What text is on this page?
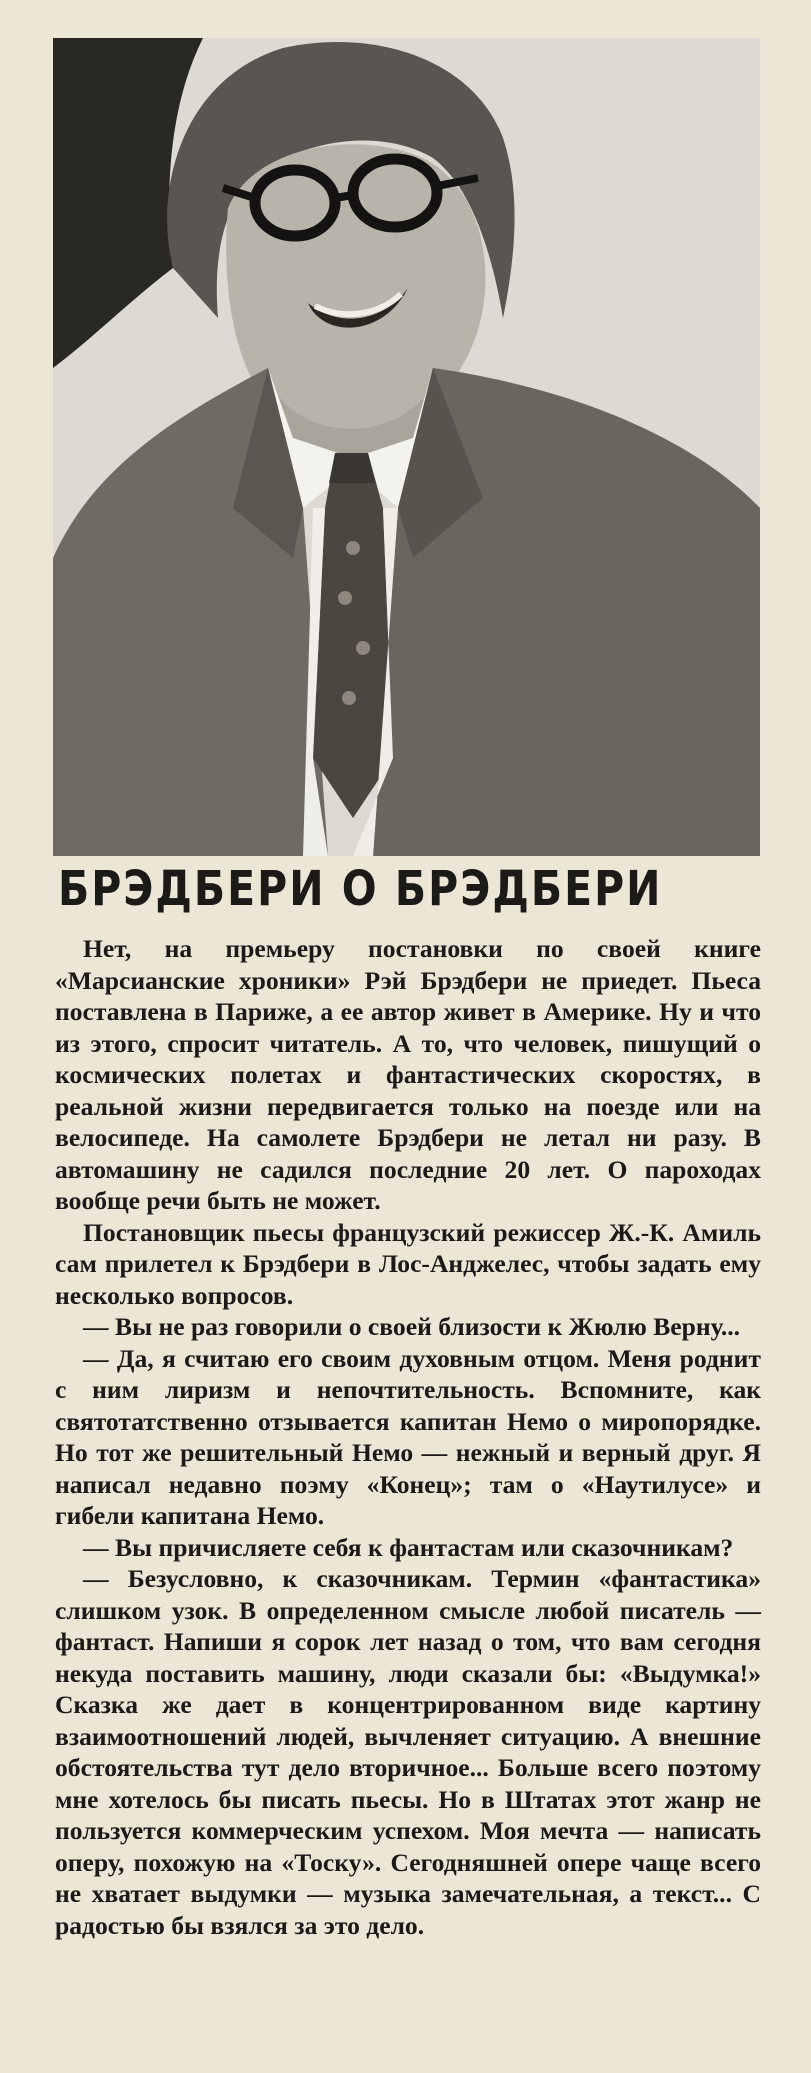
БРЭДБЕРИ О БРЭДБЕРИ

Нет, на премьеру постановки по своей книге «Марсианские хроники» Рэй Брэдбери не приедет. Пьеса поставлена в Париже, а ее автор живет в Америке. Ну и что из этого, спросит читатель. А то, что человек, пишущий о космических полетах и фантастических скоростях, в реальной жизни передвигается только на поезде или на велосипеде. На самолете Брэдбери не летал ни разу. В автомашину не садился последние 20 лет. О пароходах вообще речи быть не может.

Постановщик пьесы французский режиссер Ж.-К. Амиль сам прилетел к Брэдбери в Лос-Анджелес, чтобы задать ему несколько вопросов.

— Вы не раз говорили о своей близости к Жюлю Верну...

— Да, я считаю его своим духовным отцом. Меня роднит с ним лиризм и непочтительность. Вспомните, как святотатственно отзывается капитан Немо о миропорядке. Но тот же решительный Немо — нежный и верный друг. Я написал недавно поэму «Конец»; там о «Наутилусе» и гибели капитана Немо.

— Вы причисляете себя к фантастам или сказочникам?

— Безусловно, к сказочникам. Термин «фантастика» слишком узок. В определенном смысле любой писатель — фантаст. Напиши я сорок лет назад о том, что вам сегодня некуда поставить машину, люди сказали бы: «Выдумка!» Сказка же дает в концентрированном виде картину взаимоотношений людей, вычленяет ситуацию. А внешние обстоятельства тут дело вторичное... Больше всего поэтому мне хотелось бы писать пьесы. Но в Штатах этот жанр не пользуется коммерческим успехом. Моя мечта — написать оперу, похожую на «Тоску». Сегодняшней опере чаще всего не хватает выдумки — музыка замечательная, а текст... С радостью бы взялся за это дело.
